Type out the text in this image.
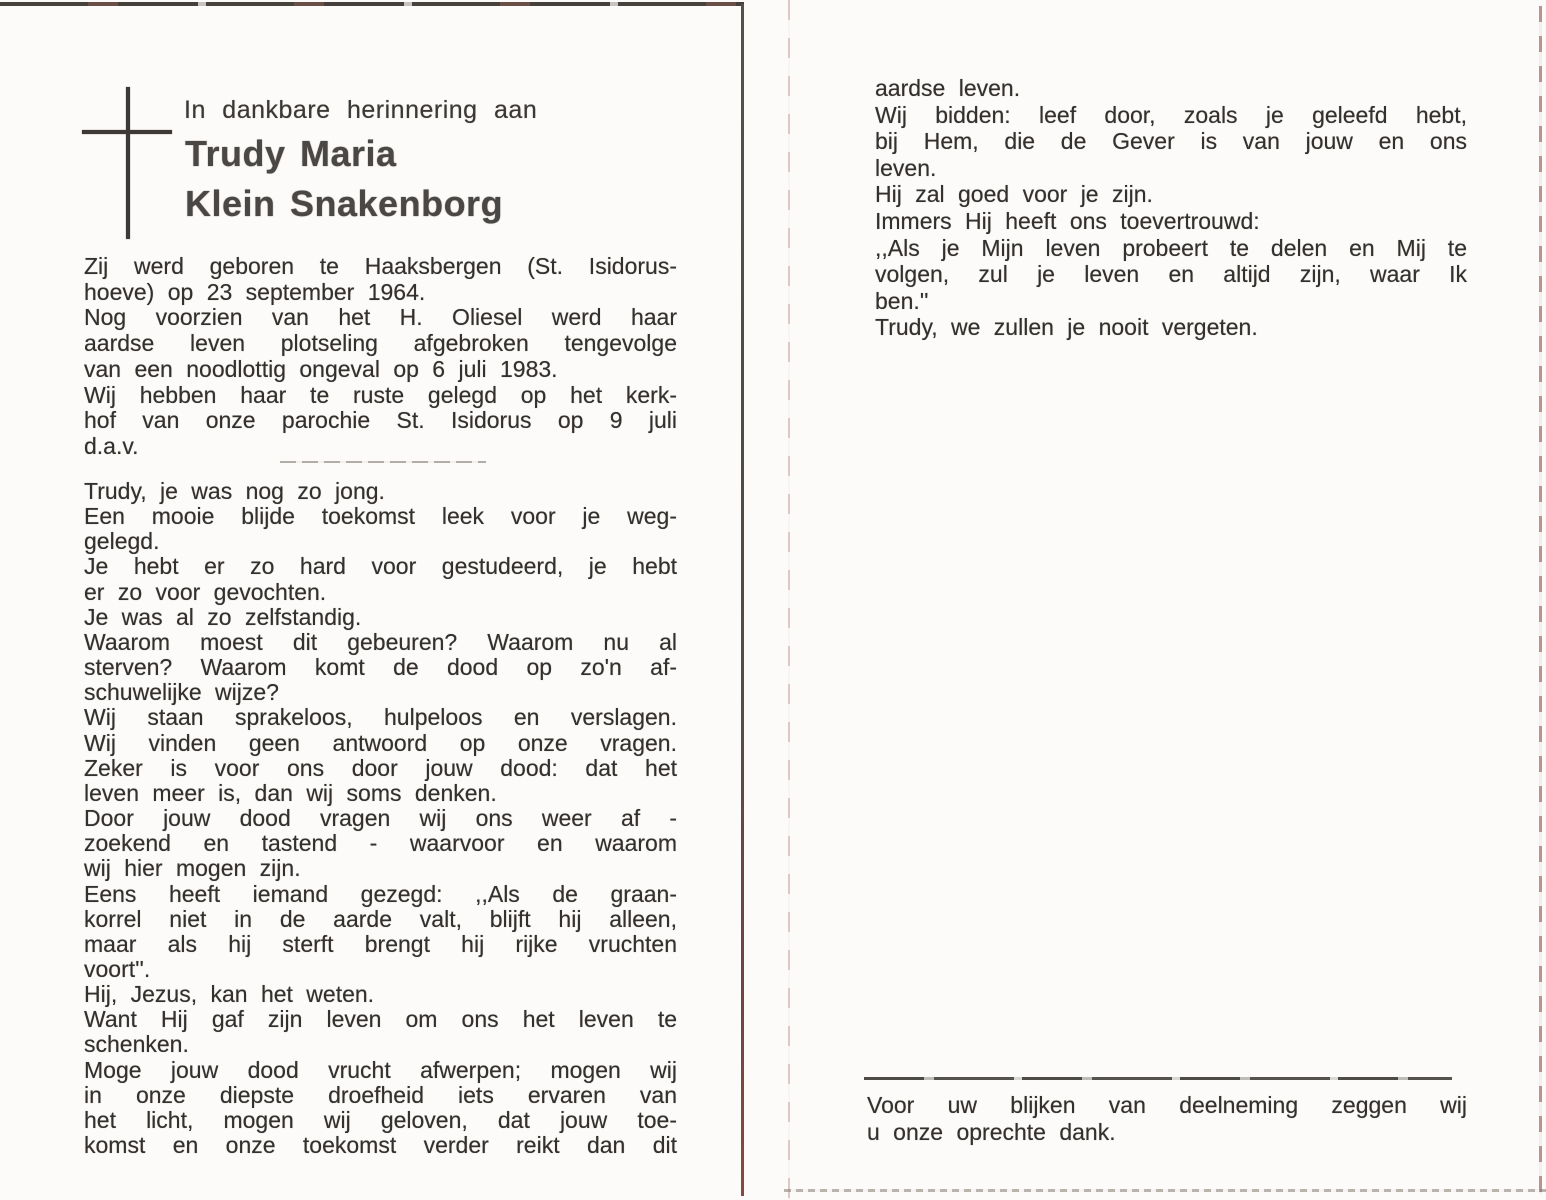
In dankbare herinnering aan
Trudy Maria
Klein Snakenborg
Zij werd geboren te Haaksbergen (St. Isidorus-
hoeve) op 23 september 1964.
Nog voorzien van het H. Oliesel werd haar
aardse leven plotseling afgebroken tengevolge
van een noodlottig ongeval op 6 juli 1983.
Wij hebben haar te ruste gelegd op het kerk-
hof van onze parochie St. Isidorus op 9 juli
d.a.v.
Trudy, je was nog zo jong.
Een mooie blijde toekomst leek voor je weg-
gelegd.
Je hebt er zo hard voor gestudeerd, je hebt
er zo voor gevochten.
Je was al zo zelfstandig.
Waarom moest dit gebeuren? Waarom nu al
sterven? Waarom komt de dood op zo'n af-
schuwelijke wijze?
Wij staan sprakeloos, hulpeloos en verslagen.
Wij vinden geen antwoord op onze vragen.
Zeker is voor ons door jouw dood: dat het
leven meer is, dan wij soms denken.
Door jouw dood vragen wij ons weer af -
zoekend en tastend - waarvoor en waarom
wij hier mogen zijn.
Eens heeft iemand gezegd: ,,Als de graan-
korrel niet in de aarde valt, blijft hij alleen,
maar als hij sterft brengt hij rijke vruchten
voort''.
Hij, Jezus, kan het weten.
Want Hij gaf zijn leven om ons het leven te
schenken.
Moge jouw dood vrucht afwerpen; mogen wij
in onze diepste droefheid iets ervaren van
het licht, mogen wij geloven, dat jouw toe-
komst en onze toekomst verder reikt dan dit
aardse leven.
Wij bidden: leef door, zoals je geleefd hebt,
bij Hem, die de Gever is van jouw en ons
leven.
Hij zal goed voor je zijn.
Immers Hij heeft ons toevertrouwd:
,,Als je Mijn leven probeert te delen en Mij te
volgen, zul je leven en altijd zijn, waar Ik
ben.''
Trudy, we zullen je nooit vergeten.
Voor uw blijken van deelneming zeggen wij
u onze oprechte dank.
